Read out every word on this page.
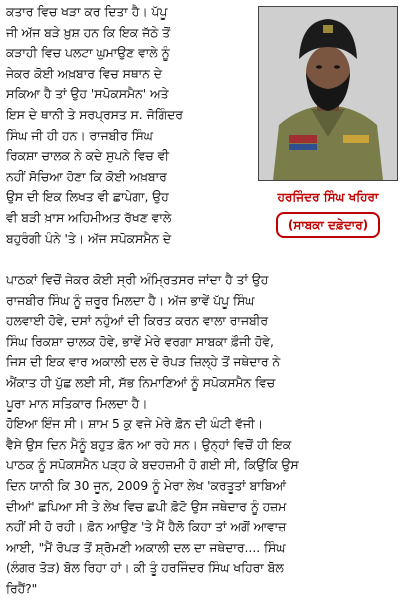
ਕਤਾਰ ਵਿਚ ਖੜਾ ਕਰ ਦਿਤਾ ਹੈ। ਪੱਪੂ
ਜੀ ਅੱਜ ਬੜੇ ਖ਼ੁਸ਼ ਹਨ ਕਿ ਇਕ ਜੱਠੇ ਤੋਂ
ਕੜਾਹੀ ਵਿਚ ਪਲਟਾ ਘੁਮਾਉਣ ਵਾਲੇ ਨੂੰ
ਜੇਕਰ ਕੋਈ ਅਖ਼ਬਾਰ ਵਿਚ ਸਥਾਨ ਦੇ
ਸਕਿਆ ਹੈ ਤਾਂ ਉਹ 'ਸਪੋਕਸਮੈਨ' ਅਤੇ
ਇਸ ਦੇ ਥਾਨੀ ਤੇ ਸਰਪ੍ਰਸਤ ਸ. ਜੋਗਿੰਦਰ
ਸਿੰਘ ਜੀ ਹੀ ਹਨ। ਰਾਜਬੀਰ ਸਿੰਘ
ਰਿਕਸ਼ਾ ਚਾਲਕ ਨੇ ਕਦੇ ਸੁਪਨੇ ਵਿਚ ਵੀ
ਨਹੀਂ ਸੋਚਿਆ ਹੋਣਾ ਕਿ ਕੋਈ ਅਖ਼ਬਾਰ
ਉਸ ਦੀ ਇਕ ਲਿਖਤ ਵੀ ਛਾਪੇਗਾ, ਉਹ
ਵੀ ਬੜੀ ਖ਼ਾਸ ਅਹਿਮੀਅਤ ਰੱਖਣ ਵਾਲੇ
ਬਹੁਰੰਗੀ ਪੰਨੇ 'ਤੇ। ਅੱਜ ਸਪੋਕਸਮੈਨ ਦੇ
ਹਰਜਿੰਦਰ ਸਿੰਘ ਖਹਿਰਾ
(ਸਾਬਕਾ ਦਫ਼ੇਦਾਰ)
ਪਾਠਕਾਂ ਵਿਚੋਂ ਜੇਕਰ ਕੋਈ ਸ੍ਰੀ ਅੰਮ੍ਰਿਤਸਰ ਜਾਂਦਾ ਹੈ ਤਾਂ ਉਹ
ਰਾਜਬੀਰ ਸਿੰਘ ਨੂੰ ਜ਼ਰੂਰ ਮਿਲਦਾ ਹੈ। ਅੱਜ ਭਾਵੇਂ ਪੱਪੂ ਸਿੰਘ
ਹਲਵਾਈ ਹੋਵੇ, ਦਸਾਂ ਨਹੁੰਆਂ ਦੀ ਕਿਰਤ ਕਰਨ ਵਾਲਾ ਰਾਜਬੀਰ
ਸਿੰਘ ਰਿਕਸ਼ਾ ਚਾਲਕ ਹੋਵੇ, ਭਾਵੇਂ ਮੇਰੇ ਵਰਗਾ ਸਾਬਕਾ ਫ਼ੌਜੀ ਹੋਵੇ,
ਜਿਸ ਦੀ ਇਕ ਵਾਰ ਅਕਾਲੀ ਦਲ ਦੇ ਰੋਪੜ ਜ਼ਿਲ੍ਹੇ ਤੋਂ ਜਥੇਦਾਰ ਨੇ
ਐਂਕਾਤ ਹੀ ਪੁੱਛ ਲਈ ਸੀ, ਸੱਭ ਨਿਮਾਣਿਆਂ ਨੂੰ ਸਪੋਕਸਮੈਨ ਵਿਚ
ਪੂਰਾ ਮਾਨ ਸਤਿਕਾਰ ਮਿਲਦਾ ਹੈ।
ਹੋਇਆ ਇੰਜ ਸੀ। ਸ਼ਾਮ 5 ਕੁ ਵਜੇ ਮੇਰੇ ਫ਼ੋਨ ਦੀ ਘੰਟੀ ਵੱਜੀ।
ਵੈਸੇ ਉਸ ਦਿਨ ਮੈਨੂੰ ਬਹੁਤ ਫ਼ੋਨ ਆ ਰਹੇ ਸਨ। ਉਨ੍ਹਾਂ ਵਿਚੋਂ ਹੀ ਇਕ
ਪਾਠਕ ਨੂੰ ਸਪੋਕਸਮੈਨ ਪੜ੍ਹ ਕੇ ਬਦਹਜ਼ਮੀ ਹੋ ਗਈ ਸੀ, ਕਿਉਂਕਿ ਉਸ
ਦਿਨ ਯਾਨੀ ਕਿ 30 ਜੂਨ, 2009 ਨੂੰ ਮੇਰਾ ਲੇਖ 'ਕਰਤੂਤਾਂ ਬਾਬਿਆਂ
ਦੀਆਂ' ਛਪਿਆ ਸੀ ਤੇ ਲੇਖ ਵਿਚ ਛਪੀ ਫ਼ੋਟੋ ਉਸ ਜਥੇਦਾਰ ਨੂੰ ਹਜ਼ਮ
ਨਹੀਂ ਸੀ ਹੋ ਰਹੀ। ਫ਼ੋਨ ਆਉਣ 'ਤੇ ਮੈਂ ਹੈਲੋ ਕਿਹਾ ਤਾਂ ਅਗੋਂ ਆਵਾਜ਼
ਆਈ, "ਮੈਂ ਰੋਪੜ ਤੋਂ ਸ਼੍ਰੋਮਣੀ ਅਕਾਲੀ ਦਲ ਦਾ ਜਥੇਦਾਰ.... ਸਿੰਘ
(ਲੰਗਰ ਤੋੜ) ਬੋਲ ਰਿਹਾ ਹਾਂ। ਕੀ ਤੂੰ ਹਰਜਿੰਦਰ ਸਿੰਘ ਖਹਿਰਾ ਬੋਲ
ਰਿਹੈਂ?"
